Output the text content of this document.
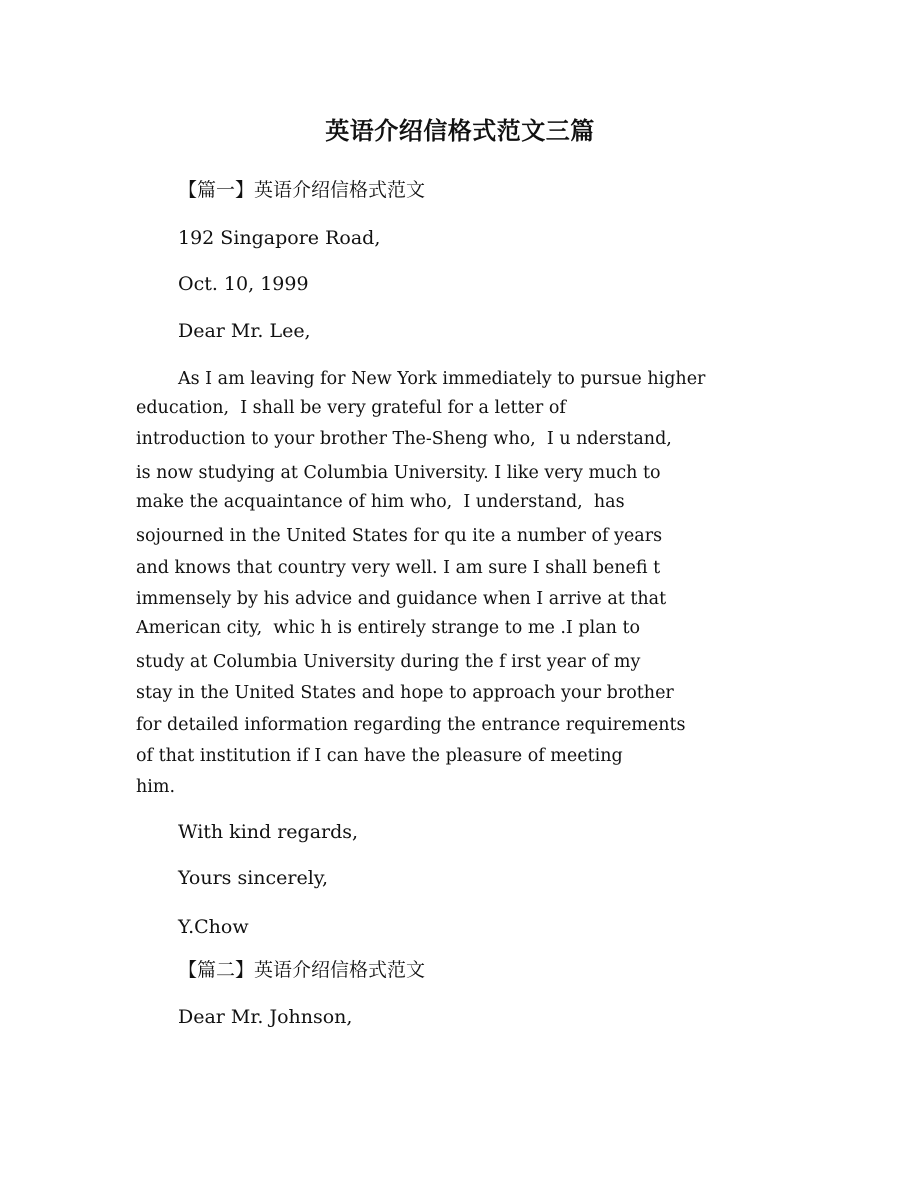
英语介绍信格式范文三篇
【篇一】英语介绍信格式范文
192 Singapore Road,
Oct. 10, 1999
Dear Mr. Lee,
As I am leaving for New York immediately to pursue higher
education,  I shall be very grateful for a letter of
introduction to your brother The-Sheng who,  I u nderstand,
is now studying at Columbia University. I like very much to
make the acquaintance of him who,  I understand,  has
sojourned in the United States for qu ite a number of years
and knows that country very well. I am sure I shall benefi t
immensely by his advice and guidance when I arrive at that
American city,  whic h is entirely strange to me .I plan to
study at Columbia University during the f irst year of my
stay in the United States and hope to approach your brother
for detailed information regarding the entrance requirements
of that institution if I can have the pleasure of meeting
him.
With kind regards,
Yours sincerely,
Y.Chow
【篇二】英语介绍信格式范文
Dear Mr. Johnson,
